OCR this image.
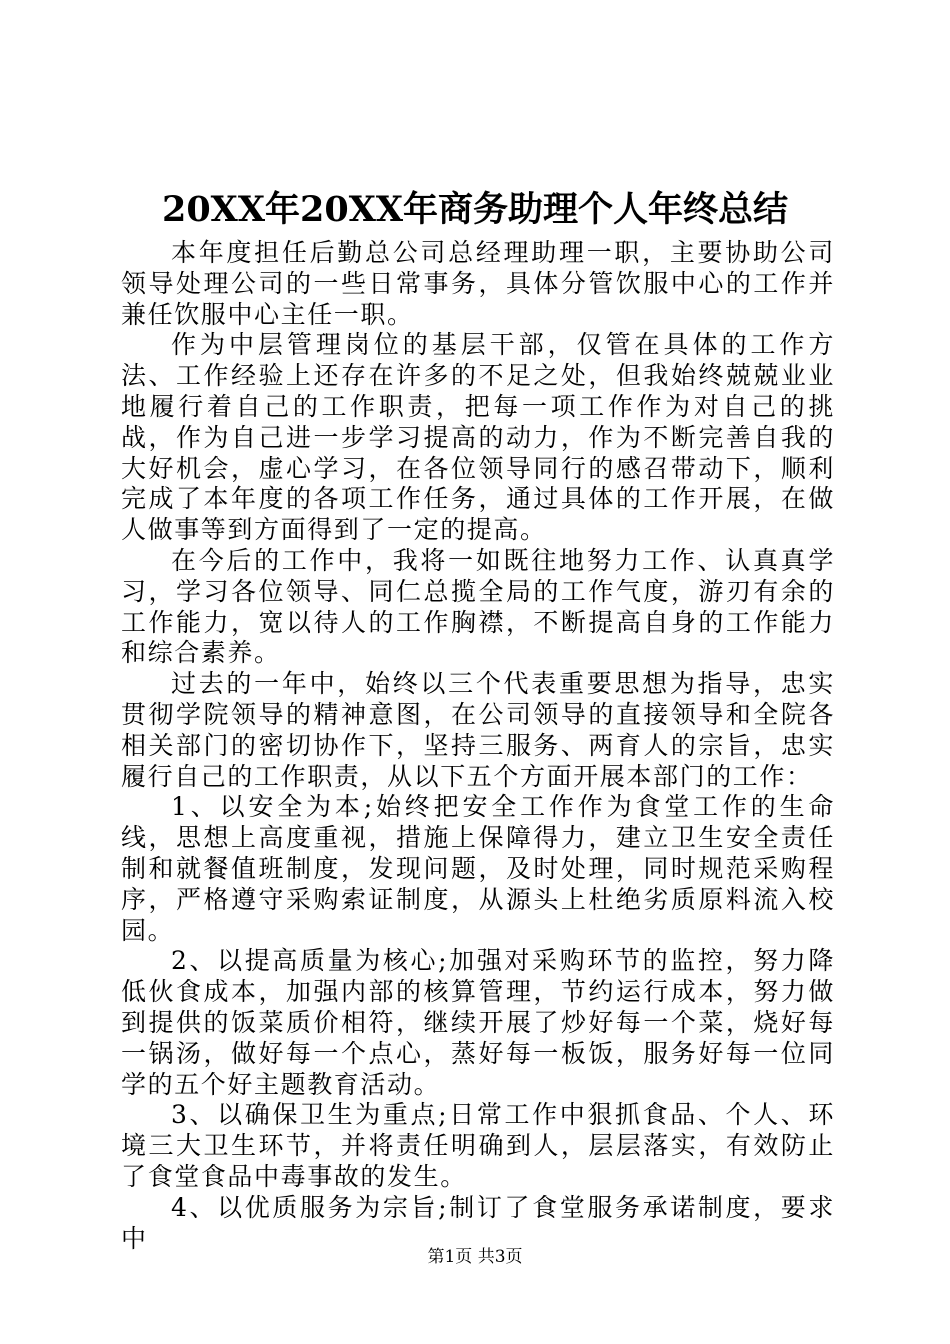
20XX年20XX年商务助理个人年终总结

本年度担任后勤总公司总经理助理一职，主要协助公司领导处理公司的一些日常事务，具体分管饮服中心的工作并兼任饮服中心主任一职。

作为中层管理岗位的基层干部，仅管在具体的工作方法、工作经验上还存在许多的不足之处，但我始终兢兢业业地履行着自己的工作职责，把每一项工作作为对自己的挑战，作为自己进一步学习提高的动力，作为不断完善自我的大好机会，虚心学习，在各位领导同行的感召带动下，顺利完成了本年度的各项工作任务，通过具体的工作开展，在做人做事等到方面得到了一定的提高。

在今后的工作中，我将一如既往地努力工作、认真真学习，学习各位领导、同仁总揽全局的工作气度，游刃有余的工作能力，宽以待人的工作胸襟，不断提高自身的工作能力和综合素养。

过去的一年中，始终以三个代表重要思想为指导，忠实贯彻学院领导的精神意图，在公司领导的直接领导和全院各相关部门的密切协作下，坚持三服务、两育人的宗旨，忠实履行自己的工作职责，从以下五个方面开展本部门的工作：

1、以安全为本;始终把安全工作作为食堂工作的生命线，思想上高度重视，措施上保障得力，建立卫生安全责任制和就餐值班制度，发现问题，及时处理，同时规范采购程序，严格遵守采购索证制度，从源头上杜绝劣质原料流入校园。

2、以提高质量为核心;加强对采购环节的监控，努力降低伙食成本，加强内部的核算管理，节约运行成本，努力做到提供的饭菜质价相符，继续开展了炒好每一个菜，烧好每一锅汤，做好每一个点心，蒸好每一板饭，服务好每一位同学的五个好主题教育活动。

3、以确保卫生为重点;日常工作中狠抓食品、个人、环境三大卫生环节，并将责任明确到人，层层落实，有效防止了食堂食品中毒事故的发生。

4、以优质服务为宗旨;制订了食堂服务承诺制度，要求中

第1页 共3页
